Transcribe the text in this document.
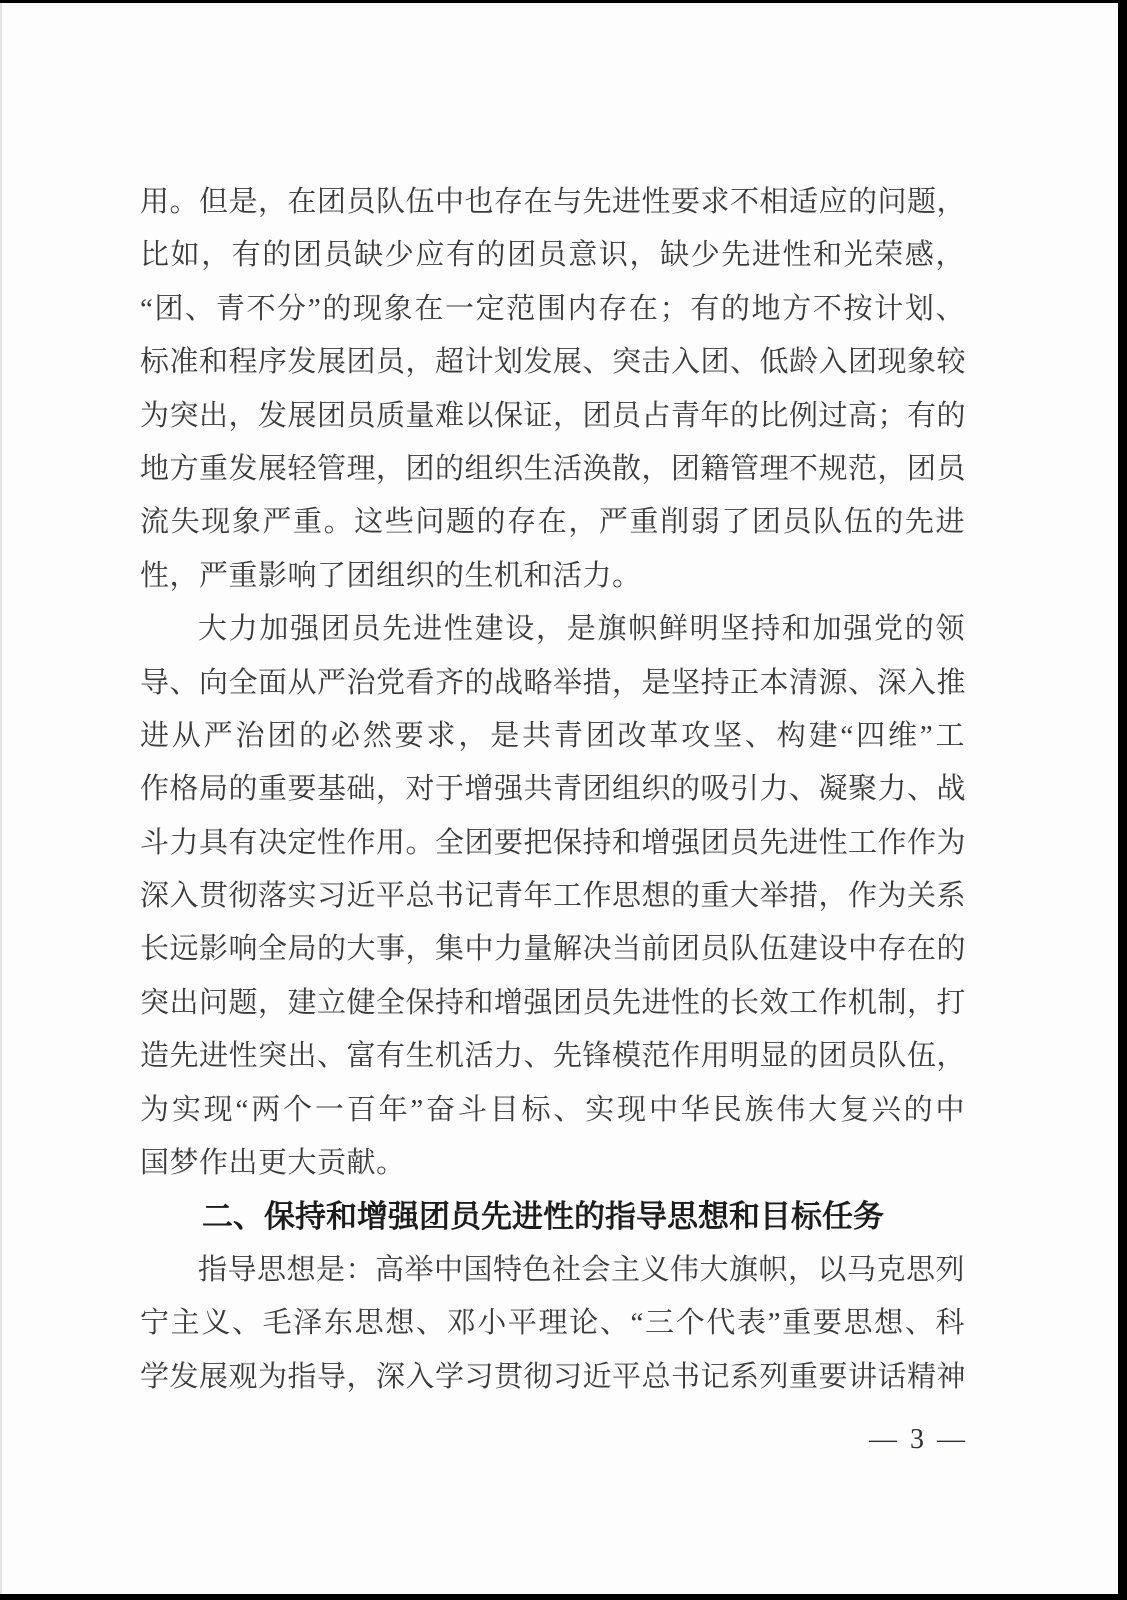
用。但是，在团员队伍中也存在与先进性要求不相适应的问题，
比如，有的团员缺少应有的团员意识，缺少先进性和光荣感，
“团、青不分”的现象在一定范围内存在；有的地方不按计划、
标准和程序发展团员，超计划发展、突击入团、低龄入团现象较
为突出，发展团员质量难以保证，团员占青年的比例过高；有的
地方重发展轻管理，团的组织生活涣散，团籍管理不规范，团员
流失现象严重。这些问题的存在，严重削弱了团员队伍的先进
性，严重影响了团组织的生机和活力。
大力加强团员先进性建设，是旗帜鲜明坚持和加强党的领
导、向全面从严治党看齐的战略举措，是坚持正本清源、深入推
进从严治团的必然要求，是共青团改革攻坚、构建“四维”工
作格局的重要基础，对于增强共青团组织的吸引力、凝聚力、战
斗力具有决定性作用。全团要把保持和增强团员先进性工作作为
深入贯彻落实习近平总书记青年工作思想的重大举措，作为关系
长远影响全局的大事，集中力量解决当前团员队伍建设中存在的
突出问题，建立健全保持和增强团员先进性的长效工作机制，打
造先进性突出、富有生机活力、先锋模范作用明显的团员队伍，
为实现“两个一百年”奋斗目标、实现中华民族伟大复兴的中
国梦作出更大贡献。
二、保持和增强团员先进性的指导思想和目标任务
指导思想是：高举中国特色社会主义伟大旗帜，以马克思列
宁主义、毛泽东思想、邓小平理论、“三个代表”重要思想、科
学发展观为指导，深入学习贯彻习近平总书记系列重要讲话精神
— 3 —
